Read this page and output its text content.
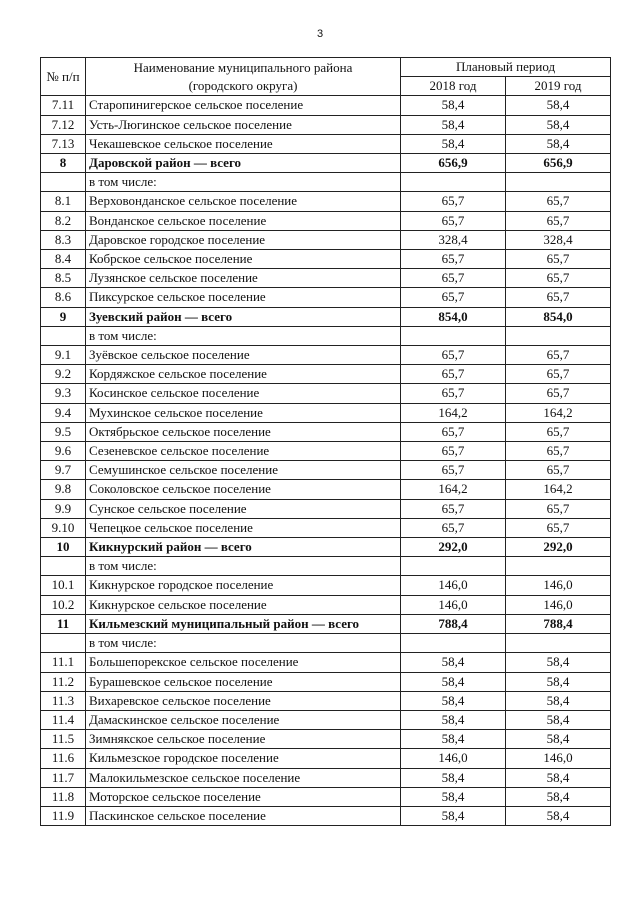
3
№ п/п	Наименование муниципального района
(городского округа)	Плановый период	
		2018 год	2019 год
7.11	Старопинигерское сельское поселение	58,4	58,4
7.12	Усть-Люгинское сельское поселение	58,4	58,4
7.13	Чекашевское сельское поселение	58,4	58,4
8	Даровской район — всего	656,9	656,9
	в том числе:		
8.1	Верховонданское сельское поселение	65,7	65,7
8.2	Вонданское сельское поселение	65,7	65,7
8.3	Даровское городское поселение	328,4	328,4
8.4	Кобрское сельское поселение	65,7	65,7
8.5	Лузянское сельское поселение	65,7	65,7
8.6	Пиксурское сельское поселение	65,7	65,7
9	Зуевский район — всего	854,0	854,0
	в том числе:		
9.1	Зуёвское сельское поселение	65,7	65,7
9.2	Кордяжское сельское поселение	65,7	65,7
9.3	Косинское сельское поселение	65,7	65,7
9.4	Мухинское сельское поселение	164,2	164,2
9.5	Октябрьское сельское поселение	65,7	65,7
9.6	Сезеневское сельское поселение	65,7	65,7
9.7	Семушинское сельское поселение	65,7	65,7
9.8	Соколовское сельское поселение	164,2	164,2
9.9	Сунское сельское поселение	65,7	65,7
9.10	Чепецкое сельское поселение	65,7	65,7
10	Кикнурский район — всего	292,0	292,0
	в том числе:		
10.1	Кикнурское городское поселение	146,0	146,0
10.2	Кикнурское сельское поселение	146,0	146,0
11	Кильмезский муниципальный район — всего	788,4	788,4
	в том числе:		
11.1	Большепорекское сельское поселение	58,4	58,4
11.2	Бурашевское сельское поселение	58,4	58,4
11.3	Вихаревское сельское поселение	58,4	58,4
11.4	Дамаскинское сельское поселение	58,4	58,4
11.5	Зимнякское сельское поселение	58,4	58,4
11.6	Кильмезское городское поселение	146,0	146,0
11.7	Малокильмезское сельское поселение	58,4	58,4
11.8	Моторское сельское поселение	58,4	58,4
11.9	Паскинское сельское поселение	58,4	58,4
